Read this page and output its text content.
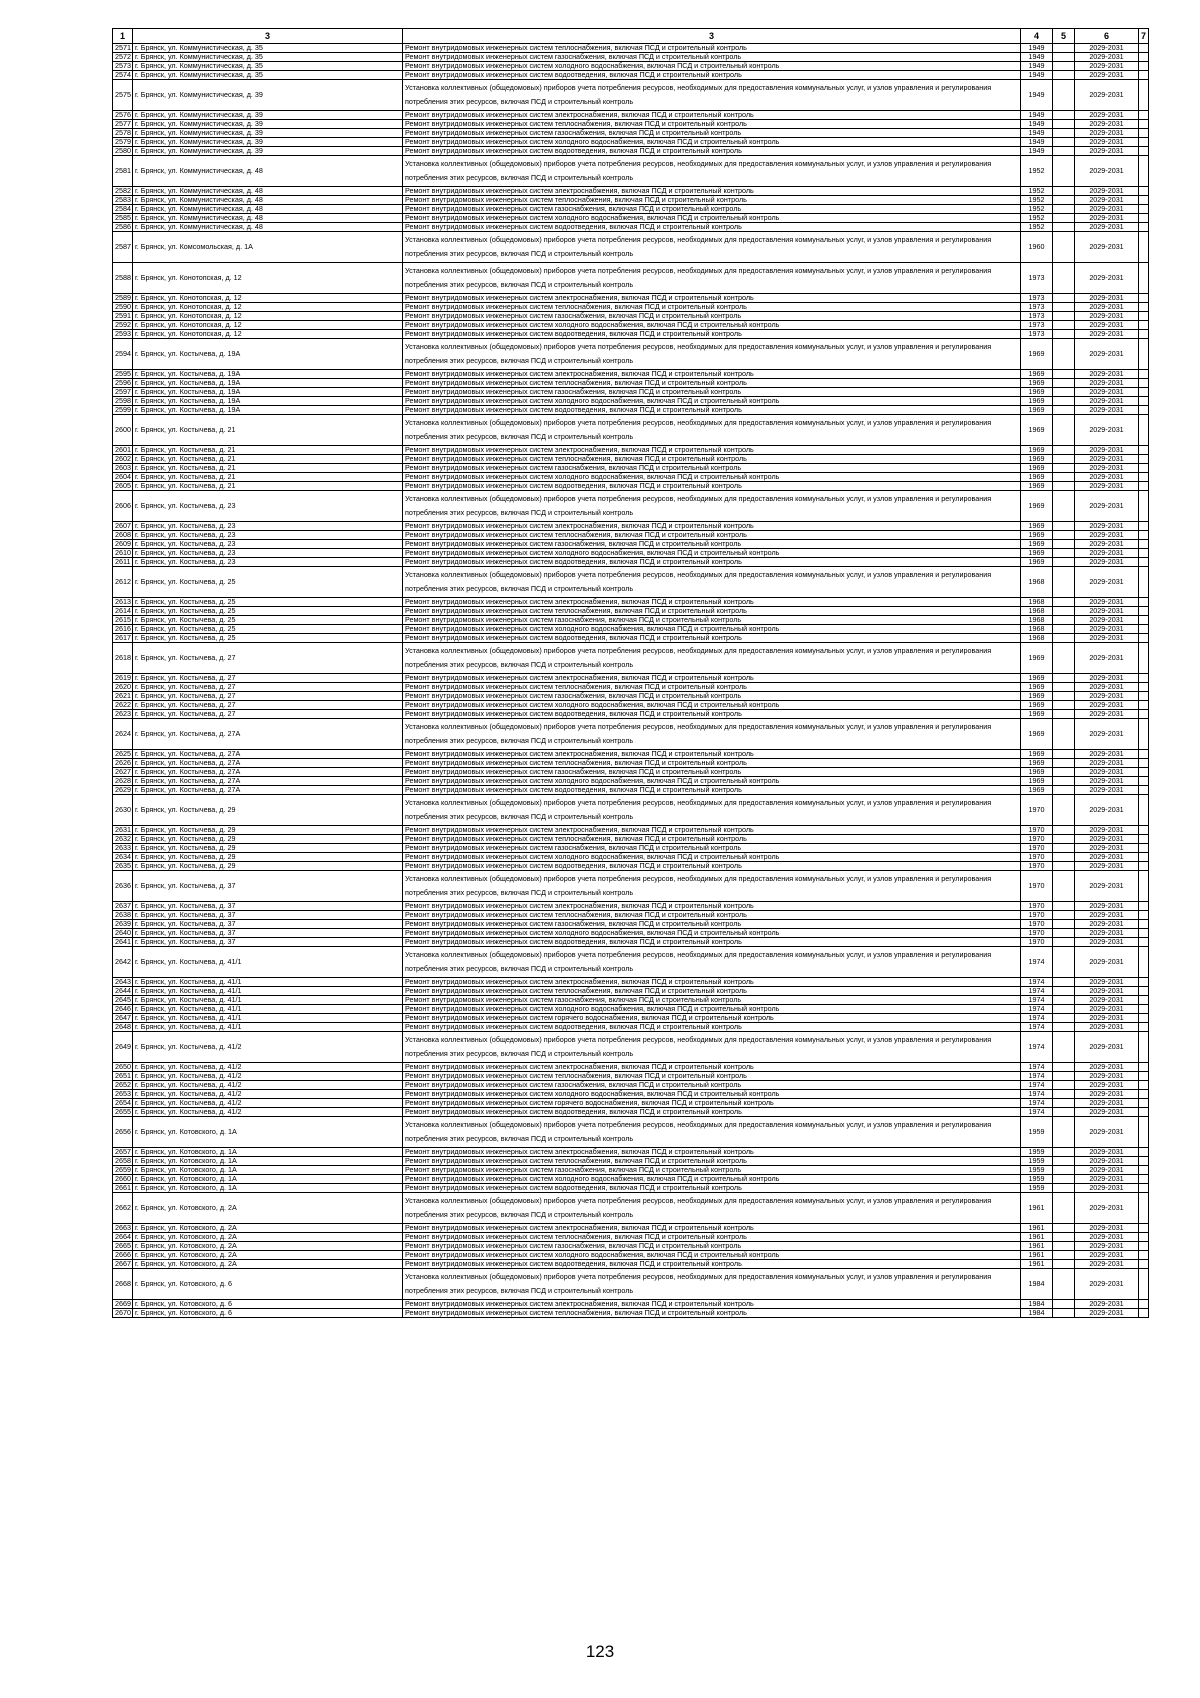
1	3	3	4	5	6	7
2571	г. Брянск, ул. Коммунистическая, д. 35	Ремонт внутридомовых инженерных систем теплоснабжения, включая ПСД и строительный контроль	1949		2029-2031	
2572	г. Брянск, ул. Коммунистическая, д. 35	Ремонт внутридомовых инженерных систем газоснабжения, включая ПСД и строительный контроль	1949		2029-2031	
2573	г. Брянск, ул. Коммунистическая, д. 35	Ремонт внутридомовых инженерных систем холодного водоснабжения, включая ПСД и строительный контроль	1949		2029-2031	
2574	г. Брянск, ул. Коммунистическая, д. 35	Ремонт внутридомовых инженерных систем водоотведения, включая ПСД и строительный контроль	1949		2029-2031	
2575	г. Брянск, ул. Коммунистическая, д. 39	Установка коллективных (общедомовых) приборов учета потребления ресурсов, необходимых для предоставления коммунальных услуг, и узлов управления и регулирования потребления этих ресурсов, включая ПСД и строительный контроль	1949		2029-2031	
2576	г. Брянск, ул. Коммунистическая, д. 39	Ремонт внутридомовых инженерных систем электроснабжения, включая ПСД и строительный контроль	1949		2029-2031	
2577	г. Брянск, ул. Коммунистическая, д. 39	Ремонт внутридомовых инженерных систем теплоснабжения, включая ПСД и строительный контроль	1949		2029-2031	
2578	г. Брянск, ул. Коммунистическая, д. 39	Ремонт внутридомовых инженерных систем газоснабжения, включая ПСД и строительный контроль	1949		2029-2031	
2579	г. Брянск, ул. Коммунистическая, д. 39	Ремонт внутридомовых инженерных систем холодного водоснабжения, включая ПСД и строительный контроль	1949		2029-2031	
2580	г. Брянск, ул. Коммунистическая, д. 39	Ремонт внутридомовых инженерных систем водоотведения, включая ПСД и строительный контроль	1949		2029-2031	
2581	г. Брянск, ул. Коммунистическая, д. 48	Установка коллективных (общедомовых) приборов учета потребления ресурсов, необходимых для предоставления коммунальных услуг, и узлов управления и регулирования потребления этих ресурсов, включая ПСД и строительный контроль	1952		2029-2031	
2582	г. Брянск, ул. Коммунистическая, д. 48	Ремонт внутридомовых инженерных систем электроснабжения, включая ПСД и строительный контроль	1952		2029-2031	
2583	г. Брянск, ул. Коммунистическая, д. 48	Ремонт внутридомовых инженерных систем теплоснабжения, включая ПСД и строительный контроль	1952		2029-2031	
2584	г. Брянск, ул. Коммунистическая, д. 48	Ремонт внутридомовых инженерных систем газоснабжения, включая ПСД и строительный контроль	1952		2029-2031	
2585	г. Брянск, ул. Коммунистическая, д. 48	Ремонт внутридомовых инженерных систем холодного водоснабжения, включая ПСД и строительный контроль	1952		2029-2031	
2586	г. Брянск, ул. Коммунистическая, д. 48	Ремонт внутридомовых инженерных систем водоотведения, включая ПСД и строительный контроль	1952		2029-2031	
2587	г. Брянск, ул. Комсомольская, д. 1А	Установка коллективных (общедомовых) приборов учета потребления ресурсов, необходимых для предоставления коммунальных услуг, и узлов управления и регулирования потребления этих ресурсов, включая ПСД и строительный контроль	1960		2029-2031	
2588	г. Брянск, ул. Конотопская, д. 12	Установка коллективных (общедомовых) приборов учета потребления ресурсов, необходимых для предоставления коммунальных услуг, и узлов управления и регулирования потребления этих ресурсов, включая ПСД и строительный контроль	1973		2029-2031	
2589	г. Брянск, ул. Конотопская, д. 12	Ремонт внутридомовых инженерных систем электроснабжения, включая ПСД и строительный контроль	1973		2029-2031	
2590	г. Брянск, ул. Конотопская, д. 12	Ремонт внутридомовых инженерных систем теплоснабжения, включая ПСД и строительный контроль	1973		2029-2031	
2591	г. Брянск, ул. Конотопская, д. 12	Ремонт внутридомовых инженерных систем газоснабжения, включая ПСД и строительный контроль	1973		2029-2031	
2592	г. Брянск, ул. Конотопская, д. 12	Ремонт внутридомовых инженерных систем холодного водоснабжения, включая ПСД и строительный контроль	1973		2029-2031	
2593	г. Брянск, ул. Конотопская, д. 12	Ремонт внутридомовых инженерных систем водоотведения, включая ПСД и строительный контроль	1973		2029-2031	
2594	г. Брянск, ул. Костычева, д. 19А	Установка коллективных (общедомовых) приборов учета потребления ресурсов, необходимых для предоставления коммунальных услуг, и узлов управления и регулирования потребления этих ресурсов, включая ПСД и строительный контроль	1969		2029-2031	
2595	г. Брянск, ул. Костычева, д. 19А	Ремонт внутридомовых инженерных систем электроснабжения, включая ПСД и строительный контроль	1969		2029-2031	
2596	г. Брянск, ул. Костычева, д. 19А	Ремонт внутридомовых инженерных систем теплоснабжения, включая ПСД и строительный контроль	1969		2029-2031	
2597	г. Брянск, ул. Костычева, д. 19А	Ремонт внутридомовых инженерных систем газоснабжения, включая ПСД и строительный контроль	1969		2029-2031	
2598	г. Брянск, ул. Костычева, д. 19А	Ремонт внутридомовых инженерных систем холодного водоснабжения, включая ПСД и строительный контроль	1969		2029-2031	
2599	г. Брянск, ул. Костычева, д. 19А	Ремонт внутридомовых инженерных систем водоотведения, включая ПСД и строительный контроль	1969		2029-2031	
2600	г. Брянск, ул. Костычева, д. 21	Установка коллективных (общедомовых) приборов учета потребления ресурсов, необходимых для предоставления коммунальных услуг, и узлов управления и регулирования потребления этих ресурсов, включая ПСД и строительный контроль	1969		2029-2031	
2601	г. Брянск, ул. Костычева, д. 21	Ремонт внутридомовых инженерных систем электроснабжения, включая ПСД и строительный контроль	1969		2029-2031	
2602	г. Брянск, ул. Костычева, д. 21	Ремонт внутридомовых инженерных систем теплоснабжения, включая ПСД и строительный контроль	1969		2029-2031	
2603	г. Брянск, ул. Костычева, д. 21	Ремонт внутридомовых инженерных систем газоснабжения, включая ПСД и строительный контроль	1969		2029-2031	
2604	г. Брянск, ул. Костычева, д. 21	Ремонт внутридомовых инженерных систем холодного водоснабжения, включая ПСД и строительный контроль	1969		2029-2031	
2605	г. Брянск, ул. Костычева, д. 21	Ремонт внутридомовых инженерных систем водоотведения, включая ПСД и строительный контроль	1969		2029-2031	
2606	г. Брянск, ул. Костычева, д. 23	Установка коллективных (общедомовых) приборов учета потребления ресурсов, необходимых для предоставления коммунальных услуг, и узлов управления и регулирования потребления этих ресурсов, включая ПСД и строительный контроль	1969		2029-2031	
2607	г. Брянск, ул. Костычева, д. 23	Ремонт внутридомовых инженерных систем электроснабжения, включая ПСД и строительный контроль	1969		2029-2031	
2608	г. Брянск, ул. Костычева, д. 23	Ремонт внутридомовых инженерных систем теплоснабжения, включая ПСД и строительный контроль	1969		2029-2031	
2609	г. Брянск, ул. Костычева, д. 23	Ремонт внутридомовых инженерных систем газоснабжения, включая ПСД и строительный контроль	1969		2029-2031	
2610	г. Брянск, ул. Костычева, д. 23	Ремонт внутридомовых инженерных систем холодного водоснабжения, включая ПСД и строительный контроль	1969		2029-2031	
2611	г. Брянск, ул. Костычева, д. 23	Ремонт внутридомовых инженерных систем водоотведения, включая ПСД и строительный контроль	1969		2029-2031	
2612	г. Брянск, ул. Костычева, д. 25	Установка коллективных (общедомовых) приборов учета потребления ресурсов, необходимых для предоставления коммунальных услуг, и узлов управления и регулирования потребления этих ресурсов, включая ПСД и строительный контроль	1968		2029-2031	
2613	г. Брянск, ул. Костычева, д. 25	Ремонт внутридомовых инженерных систем электроснабжения, включая ПСД и строительный контроль	1968		2029-2031	
2614	г. Брянск, ул. Костычева, д. 25	Ремонт внутридомовых инженерных систем теплоснабжения, включая ПСД и строительный контроль	1968		2029-2031	
2615	г. Брянск, ул. Костычева, д. 25	Ремонт внутридомовых инженерных систем газоснабжения, включая ПСД и строительный контроль	1968		2029-2031	
2616	г. Брянск, ул. Костычева, д. 25	Ремонт внутридомовых инженерных систем холодного водоснабжения, включая ПСД и строительный контроль	1968		2029-2031	
2617	г. Брянск, ул. Костычева, д. 25	Ремонт внутридомовых инженерных систем водоотведения, включая ПСД и строительный контроль	1968		2029-2031	
2618	г. Брянск, ул. Костычева, д. 27	Установка коллективных (общедомовых) приборов учета потребления ресурсов, необходимых для предоставления коммунальных услуг, и узлов управления и регулирования потребления этих ресурсов, включая ПСД и строительный контроль	1969		2029-2031	
2619	г. Брянск, ул. Костычева, д. 27	Ремонт внутридомовых инженерных систем электроснабжения, включая ПСД и строительный контроль	1969		2029-2031	
2620	г. Брянск, ул. Костычева, д. 27	Ремонт внутридомовых инженерных систем теплоснабжения, включая ПСД и строительный контроль	1969		2029-2031	
2621	г. Брянск, ул. Костычева, д. 27	Ремонт внутридомовых инженерных систем газоснабжения, включая ПСД и строительный контроль	1969		2029-2031	
2622	г. Брянск, ул. Костычева, д. 27	Ремонт внутридомовых инженерных систем холодного водоснабжения, включая ПСД и строительный контроль	1969		2029-2031	
2623	г. Брянск, ул. Костычева, д. 27	Ремонт внутридомовых инженерных систем водоотведения, включая ПСД и строительный контроль	1969		2029-2031	
2624	г. Брянск, ул. Костычева, д. 27А	Установка коллективных (общедомовых) приборов учета потребления ресурсов, необходимых для предоставления коммунальных услуг, и узлов управления и регулирования потребления этих ресурсов, включая ПСД и строительный контроль	1969		2029-2031	
2625	г. Брянск, ул. Костычева, д. 27А	Ремонт внутридомовых инженерных систем электроснабжения, включая ПСД и строительный контроль	1969		2029-2031	
2626	г. Брянск, ул. Костычева, д. 27А	Ремонт внутридомовых инженерных систем теплоснабжения, включая ПСД и строительный контроль	1969		2029-2031	
2627	г. Брянск, ул. Костычева, д. 27А	Ремонт внутридомовых инженерных систем газоснабжения, включая ПСД и строительный контроль	1969		2029-2031	
2628	г. Брянск, ул. Костычева, д. 27А	Ремонт внутридомовых инженерных систем холодного водоснабжения, включая ПСД и строительный контроль	1969		2029-2031	
2629	г. Брянск, ул. Костычева, д. 27А	Ремонт внутридомовых инженерных систем водоотведения, включая ПСД и строительный контроль	1969		2029-2031	
2630	г. Брянск, ул. Костычева, д. 29	Установка коллективных (общедомовых) приборов учета потребления ресурсов, необходимых для предоставления коммунальных услуг, и узлов управления и регулирования потребления этих ресурсов, включая ПСД и строительный контроль	1970		2029-2031	
2631	г. Брянск, ул. Костычева, д. 29	Ремонт внутридомовых инженерных систем электроснабжения, включая ПСД и строительный контроль	1970		2029-2031	
2632	г. Брянск, ул. Костычева, д. 29	Ремонт внутридомовых инженерных систем теплоснабжения, включая ПСД и строительный контроль	1970		2029-2031	
2633	г. Брянск, ул. Костычева, д. 29	Ремонт внутридомовых инженерных систем газоснабжения, включая ПСД и строительный контроль	1970		2029-2031	
2634	г. Брянск, ул. Костычева, д. 29	Ремонт внутридомовых инженерных систем холодного водоснабжения, включая ПСД и строительный контроль	1970		2029-2031	
2635	г. Брянск, ул. Костычева, д. 29	Ремонт внутридомовых инженерных систем водоотведения, включая ПСД и строительный контроль	1970		2029-2031	
2636	г. Брянск, ул. Костычева, д. 37	Установка коллективных (общедомовых) приборов учета потребления ресурсов, необходимых для предоставления коммунальных услуг, и узлов управления и регулирования потребления этих ресурсов, включая ПСД и строительный контроль	1970		2029-2031	
2637	г. Брянск, ул. Костычева, д. 37	Ремонт внутридомовых инженерных систем электроснабжения, включая ПСД и строительный контроль	1970		2029-2031	
2638	г. Брянск, ул. Костычева, д. 37	Ремонт внутридомовых инженерных систем теплоснабжения, включая ПСД и строительный контроль	1970		2029-2031	
2639	г. Брянск, ул. Костычева, д. 37	Ремонт внутридомовых инженерных систем газоснабжения, включая ПСД и строительный контроль	1970		2029-2031	
2640	г. Брянск, ул. Костычева, д. 37	Ремонт внутридомовых инженерных систем холодного водоснабжения, включая ПСД и строительный контроль	1970		2029-2031	
2641	г. Брянск, ул. Костычева, д. 37	Ремонт внутридомовых инженерных систем водоотведения, включая ПСД и строительный контроль	1970		2029-2031	
2642	г. Брянск, ул. Костычева, д. 41/1	Установка коллективных (общедомовых) приборов учета потребления ресурсов, необходимых для предоставления коммунальных услуг, и узлов управления и регулирования потребления этих ресурсов, включая ПСД и строительный контроль	1974		2029-2031	
2643	г. Брянск, ул. Костычева, д. 41/1	Ремонт внутридомовых инженерных систем электроснабжения, включая ПСД и строительный контроль	1974		2029-2031	
2644	г. Брянск, ул. Костычева, д. 41/1	Ремонт внутридомовых инженерных систем теплоснабжения, включая ПСД и строительный контроль	1974		2029-2031	
2645	г. Брянск, ул. Костычева, д. 41/1	Ремонт внутридомовых инженерных систем газоснабжения, включая ПСД и строительный контроль	1974		2029-2031	
2646	г. Брянск, ул. Костычева, д. 41/1	Ремонт внутридомовых инженерных систем холодного водоснабжения, включая ПСД и строительный контроль	1974		2029-2031	
2647	г. Брянск, ул. Костычева, д. 41/1	Ремонт внутридомовых инженерных систем горячего водоснабжения, включая ПСД и строительный контроль	1974		2029-2031	
2648	г. Брянск, ул. Костычева, д. 41/1	Ремонт внутридомовых инженерных систем водоотведения, включая ПСД и строительный контроль	1974		2029-2031	
2649	г. Брянск, ул. Костычева, д. 41/2	Установка коллективных (общедомовых) приборов учета потребления ресурсов, необходимых для предоставления коммунальных услуг, и узлов управления и регулирования потребления этих ресурсов, включая ПСД и строительный контроль	1974		2029-2031	
2650	г. Брянск, ул. Костычева, д. 41/2	Ремонт внутридомовых инженерных систем электроснабжения, включая ПСД и строительный контроль	1974		2029-2031	
2651	г. Брянск, ул. Костычева, д. 41/2	Ремонт внутридомовых инженерных систем теплоснабжения, включая ПСД и строительный контроль	1974		2029-2031	
2652	г. Брянск, ул. Костычева, д. 41/2	Ремонт внутридомовых инженерных систем газоснабжения, включая ПСД и строительный контроль	1974		2029-2031	
2653	г. Брянск, ул. Костычева, д. 41/2	Ремонт внутридомовых инженерных систем холодного водоснабжения, включая ПСД и строительный контроль	1974		2029-2031	
2654	г. Брянск, ул. Костычева, д. 41/2	Ремонт внутридомовых инженерных систем горячего водоснабжения, включая ПСД и строительный контроль	1974		2029-2031	
2655	г. Брянск, ул. Костычева, д. 41/2	Ремонт внутридомовых инженерных систем водоотведения, включая ПСД и строительный контроль	1974		2029-2031	
2656	г. Брянск, ул. Котовского, д. 1А	Установка коллективных (общедомовых) приборов учета потребления ресурсов, необходимых для предоставления коммунальных услуг, и узлов управления и регулирования потребления этих ресурсов, включая ПСД и строительный контроль	1959		2029-2031	
2657	г. Брянск, ул. Котовского, д. 1А	Ремонт внутридомовых инженерных систем электроснабжения, включая ПСД и строительный контроль	1959		2029-2031	
2658	г. Брянск, ул. Котовского, д. 1А	Ремонт внутридомовых инженерных систем теплоснабжения, включая ПСД и строительный контроль	1959		2029-2031	
2659	г. Брянск, ул. Котовского, д. 1А	Ремонт внутридомовых инженерных систем газоснабжения, включая ПСД и строительный контроль	1959		2029-2031	
2660	г. Брянск, ул. Котовского, д. 1А	Ремонт внутридомовых инженерных систем холодного водоснабжения, включая ПСД и строительный контроль	1959		2029-2031	
2661	г. Брянск, ул. Котовского, д. 1А	Ремонт внутридомовых инженерных систем водоотведения, включая ПСД и строительный контроль	1959		2029-2031	
2662	г. Брянск, ул. Котовского, д. 2А	Установка коллективных (общедомовых) приборов учета потребления ресурсов, необходимых для предоставления коммунальных услуг, и узлов управления и регулирования потребления этих ресурсов, включая ПСД и строительный контроль	1961		2029-2031	
2663	г. Брянск, ул. Котовского, д. 2А	Ремонт внутридомовых инженерных систем электроснабжения, включая ПСД и строительный контроль	1961		2029-2031	
2664	г. Брянск, ул. Котовского, д. 2А	Ремонт внутридомовых инженерных систем теплоснабжения, включая ПСД и строительный контроль	1961		2029-2031	
2665	г. Брянск, ул. Котовского, д. 2А	Ремонт внутридомовых инженерных систем газоснабжения, включая ПСД и строительный контроль	1961		2029-2031	
2666	г. Брянск, ул. Котовского, д. 2А	Ремонт внутридомовых инженерных систем холодного водоснабжения, включая ПСД и строительный контроль	1961		2029-2031	
2667	г. Брянск, ул. Котовского, д. 2А	Ремонт внутридомовых инженерных систем водоотведения, включая ПСД и строительный контроль	1961		2029-2031	
2668	г. Брянск, ул. Котовского, д. 6	Установка коллективных (общедомовых) приборов учета потребления ресурсов, необходимых для предоставления коммунальных услуг, и узлов управления и регулирования потребления этих ресурсов, включая ПСД и строительный контроль	1984		2029-2031	
2669	г. Брянск, ул. Котовского, д. 6	Ремонт внутридомовых инженерных систем электроснабжения, включая ПСД и строительный контроль	1984		2029-2031	
2670	г. Брянск, ул. Котовского, д. 6	Ремонт внутридомовых инженерных систем теплоснабжения, включая ПСД и строительный контроль	1984		2029-2031	
123
